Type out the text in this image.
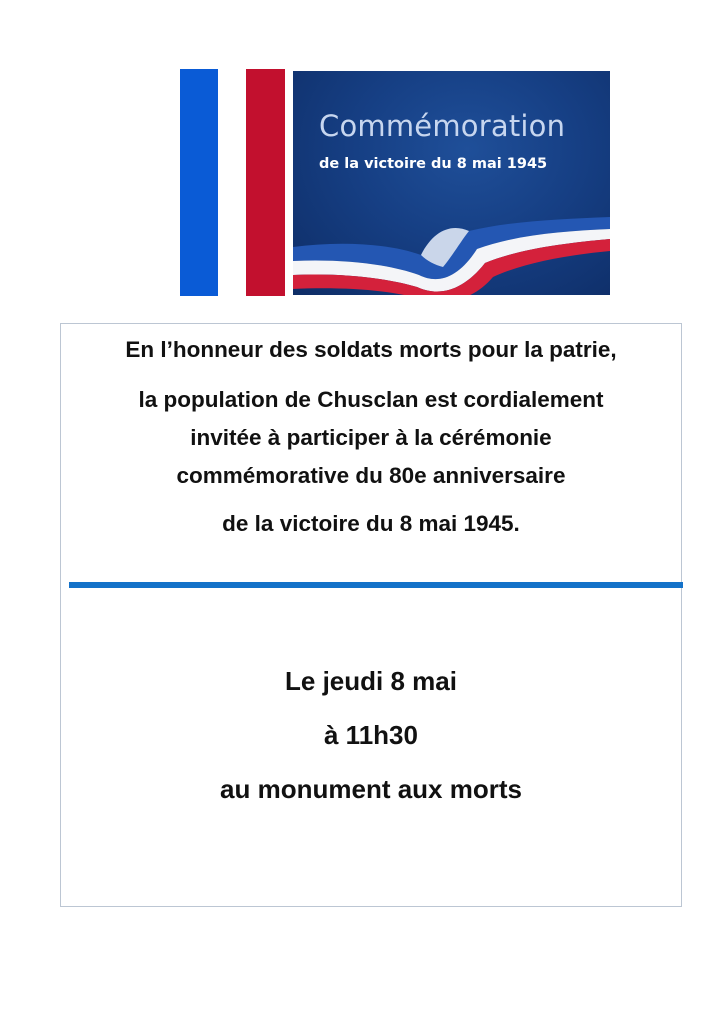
Commémoration
de la victoire du 8 mai 1945
En l’honneur des soldats morts pour la patrie,
la population de Chusclan est cordialement
invitée à participer à la cérémonie
commémorative du 80e anniversaire
de la victoire du 8 mai 1945.
Le jeudi 8 mai
à 11h30
au monument aux morts
